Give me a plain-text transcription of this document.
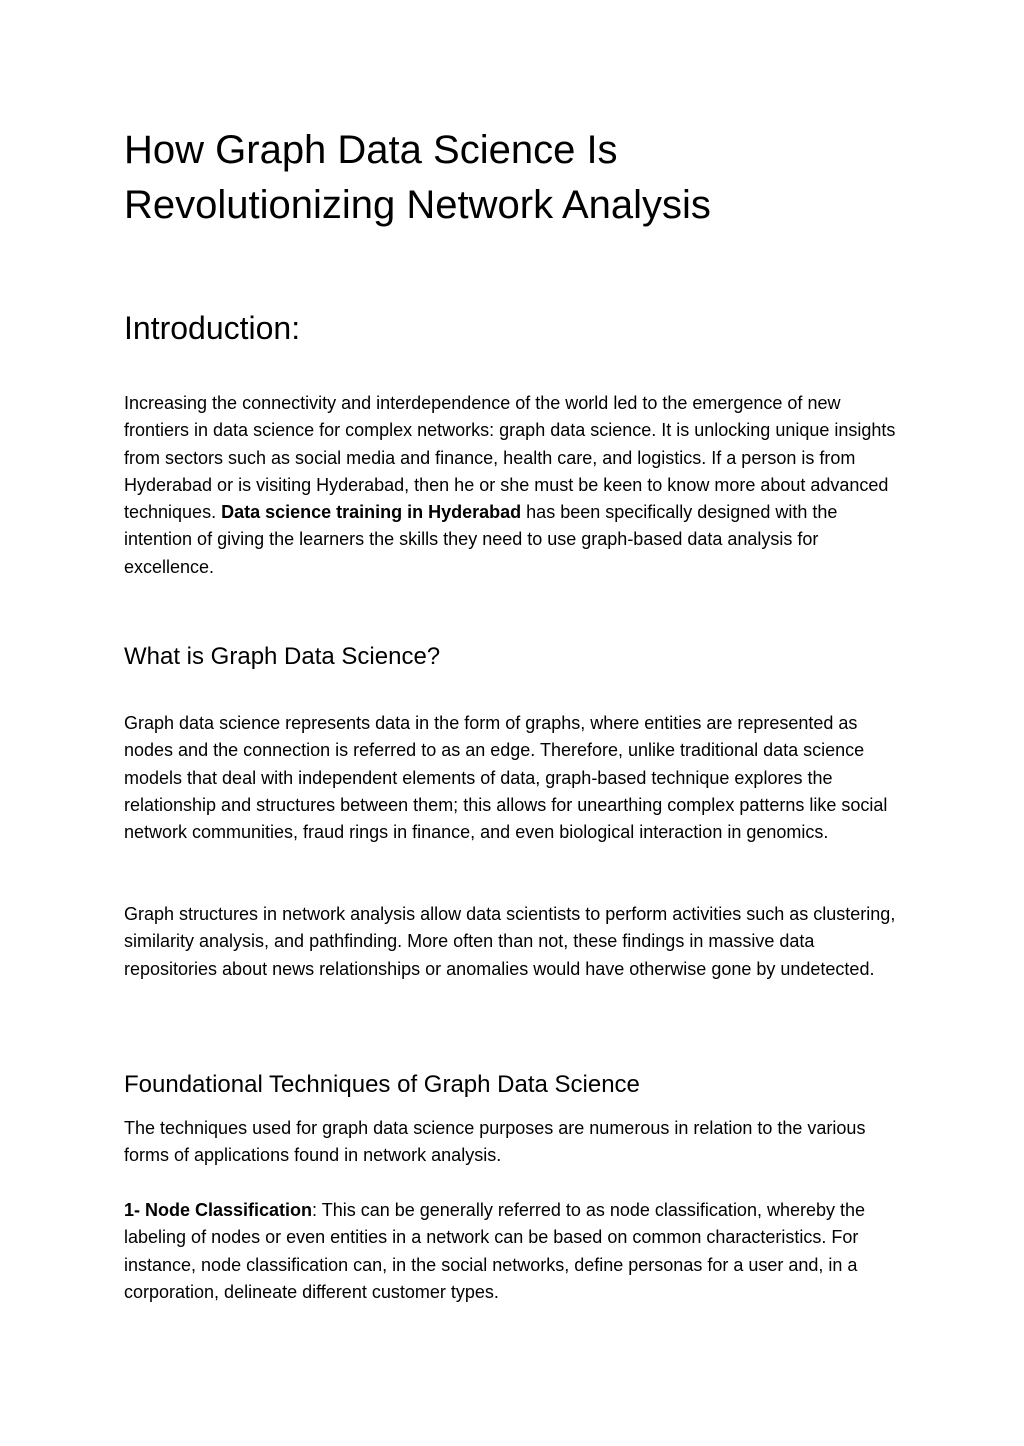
How Graph Data Science Is
Revolutionizing Network Analysis
Introduction:

Increasing the connectivity and interdependence of the world led to the emergence of new frontiers in data science for complex networks: graph data science. It is unlocking unique insights from sectors such as social media and finance, health care, and logistics. If a person is from Hyderabad or is visiting Hyderabad, then he or she must be keen to know more about advanced techniques. Data science training in Hyderabad has been specifically designed with the intention of giving the learners the skills they need to use graph-based data analysis for excellence.

What is Graph Data Science?

Graph data science represents data in the form of graphs, where entities are represented as nodes and the connection is referred to as an edge. Therefore, unlike traditional data science models that deal with independent elements of data, graph-based technique explores the relationship and structures between them; this allows for unearthing complex patterns like social network communities, fraud rings in finance, and even biological interaction in genomics.

Graph structures in network analysis allow data scientists to perform activities such as clustering, similarity analysis, and pathfinding. More often than not, these findings in massive data repositories about news relationships or anomalies would have otherwise gone by undetected.

Foundational Techniques of Graph Data Science

The techniques used for graph data science purposes are numerous in relation to the various forms of applications found in network analysis.

1- Node Classification: This can be generally referred to as node classification, whereby the labeling of nodes or even entities in a network can be based on common characteristics. For instance, node classification can, in the social networks, define personas for a user and, in a corporation, delineate different customer types.
